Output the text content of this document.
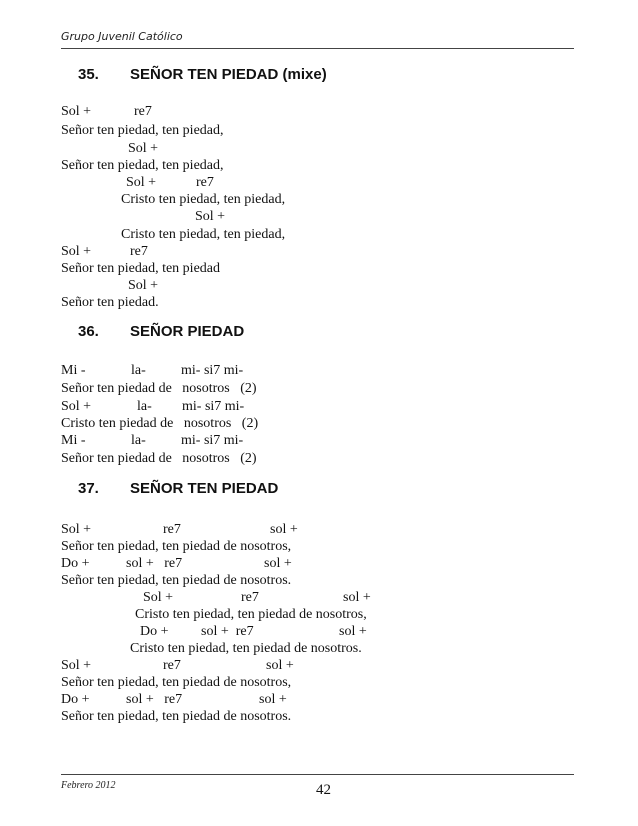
Grupo Juvenil Católico
35. SEÑOR TEN PIEDAD (mixe)
Sol +	re7
Señor ten piedad, ten piedad,
Sol +
Señor ten piedad, ten piedad,
Sol +	re7
Cristo ten piedad, ten piedad,
Sol +
Cristo ten piedad, ten piedad,
Sol +	re7
Señor ten piedad, ten piedad
Sol +
Señor ten piedad.
36. SEÑOR PIEDAD
Mi -	la-	mi- si7 mi-
Señor ten piedad de   nosotros   (2)
Sol +	la- mi- si7 mi-
Cristo ten piedad de   nosotros   (2)
Mi -	la-	mi- si7 mi-
Señor ten piedad de   nosotros   (2)
37. SEÑOR TEN PIEDAD
Sol +	re7	sol +
Señor ten piedad, ten piedad de nosotros,
Do +	sol +   re7	sol +
Señor ten piedad, ten piedad de nosotros.
Sol +	re7	sol +
Cristo ten piedad, ten piedad de nosotros,
Do + sol +  re7	sol +
Cristo ten piedad, ten piedad de nosotros.
Sol +	re7	sol +
Señor ten piedad, ten piedad de nosotros,
Do +	sol +   re7	sol +
Señor ten piedad, ten piedad de nosotros.
Febrero 2012	42
